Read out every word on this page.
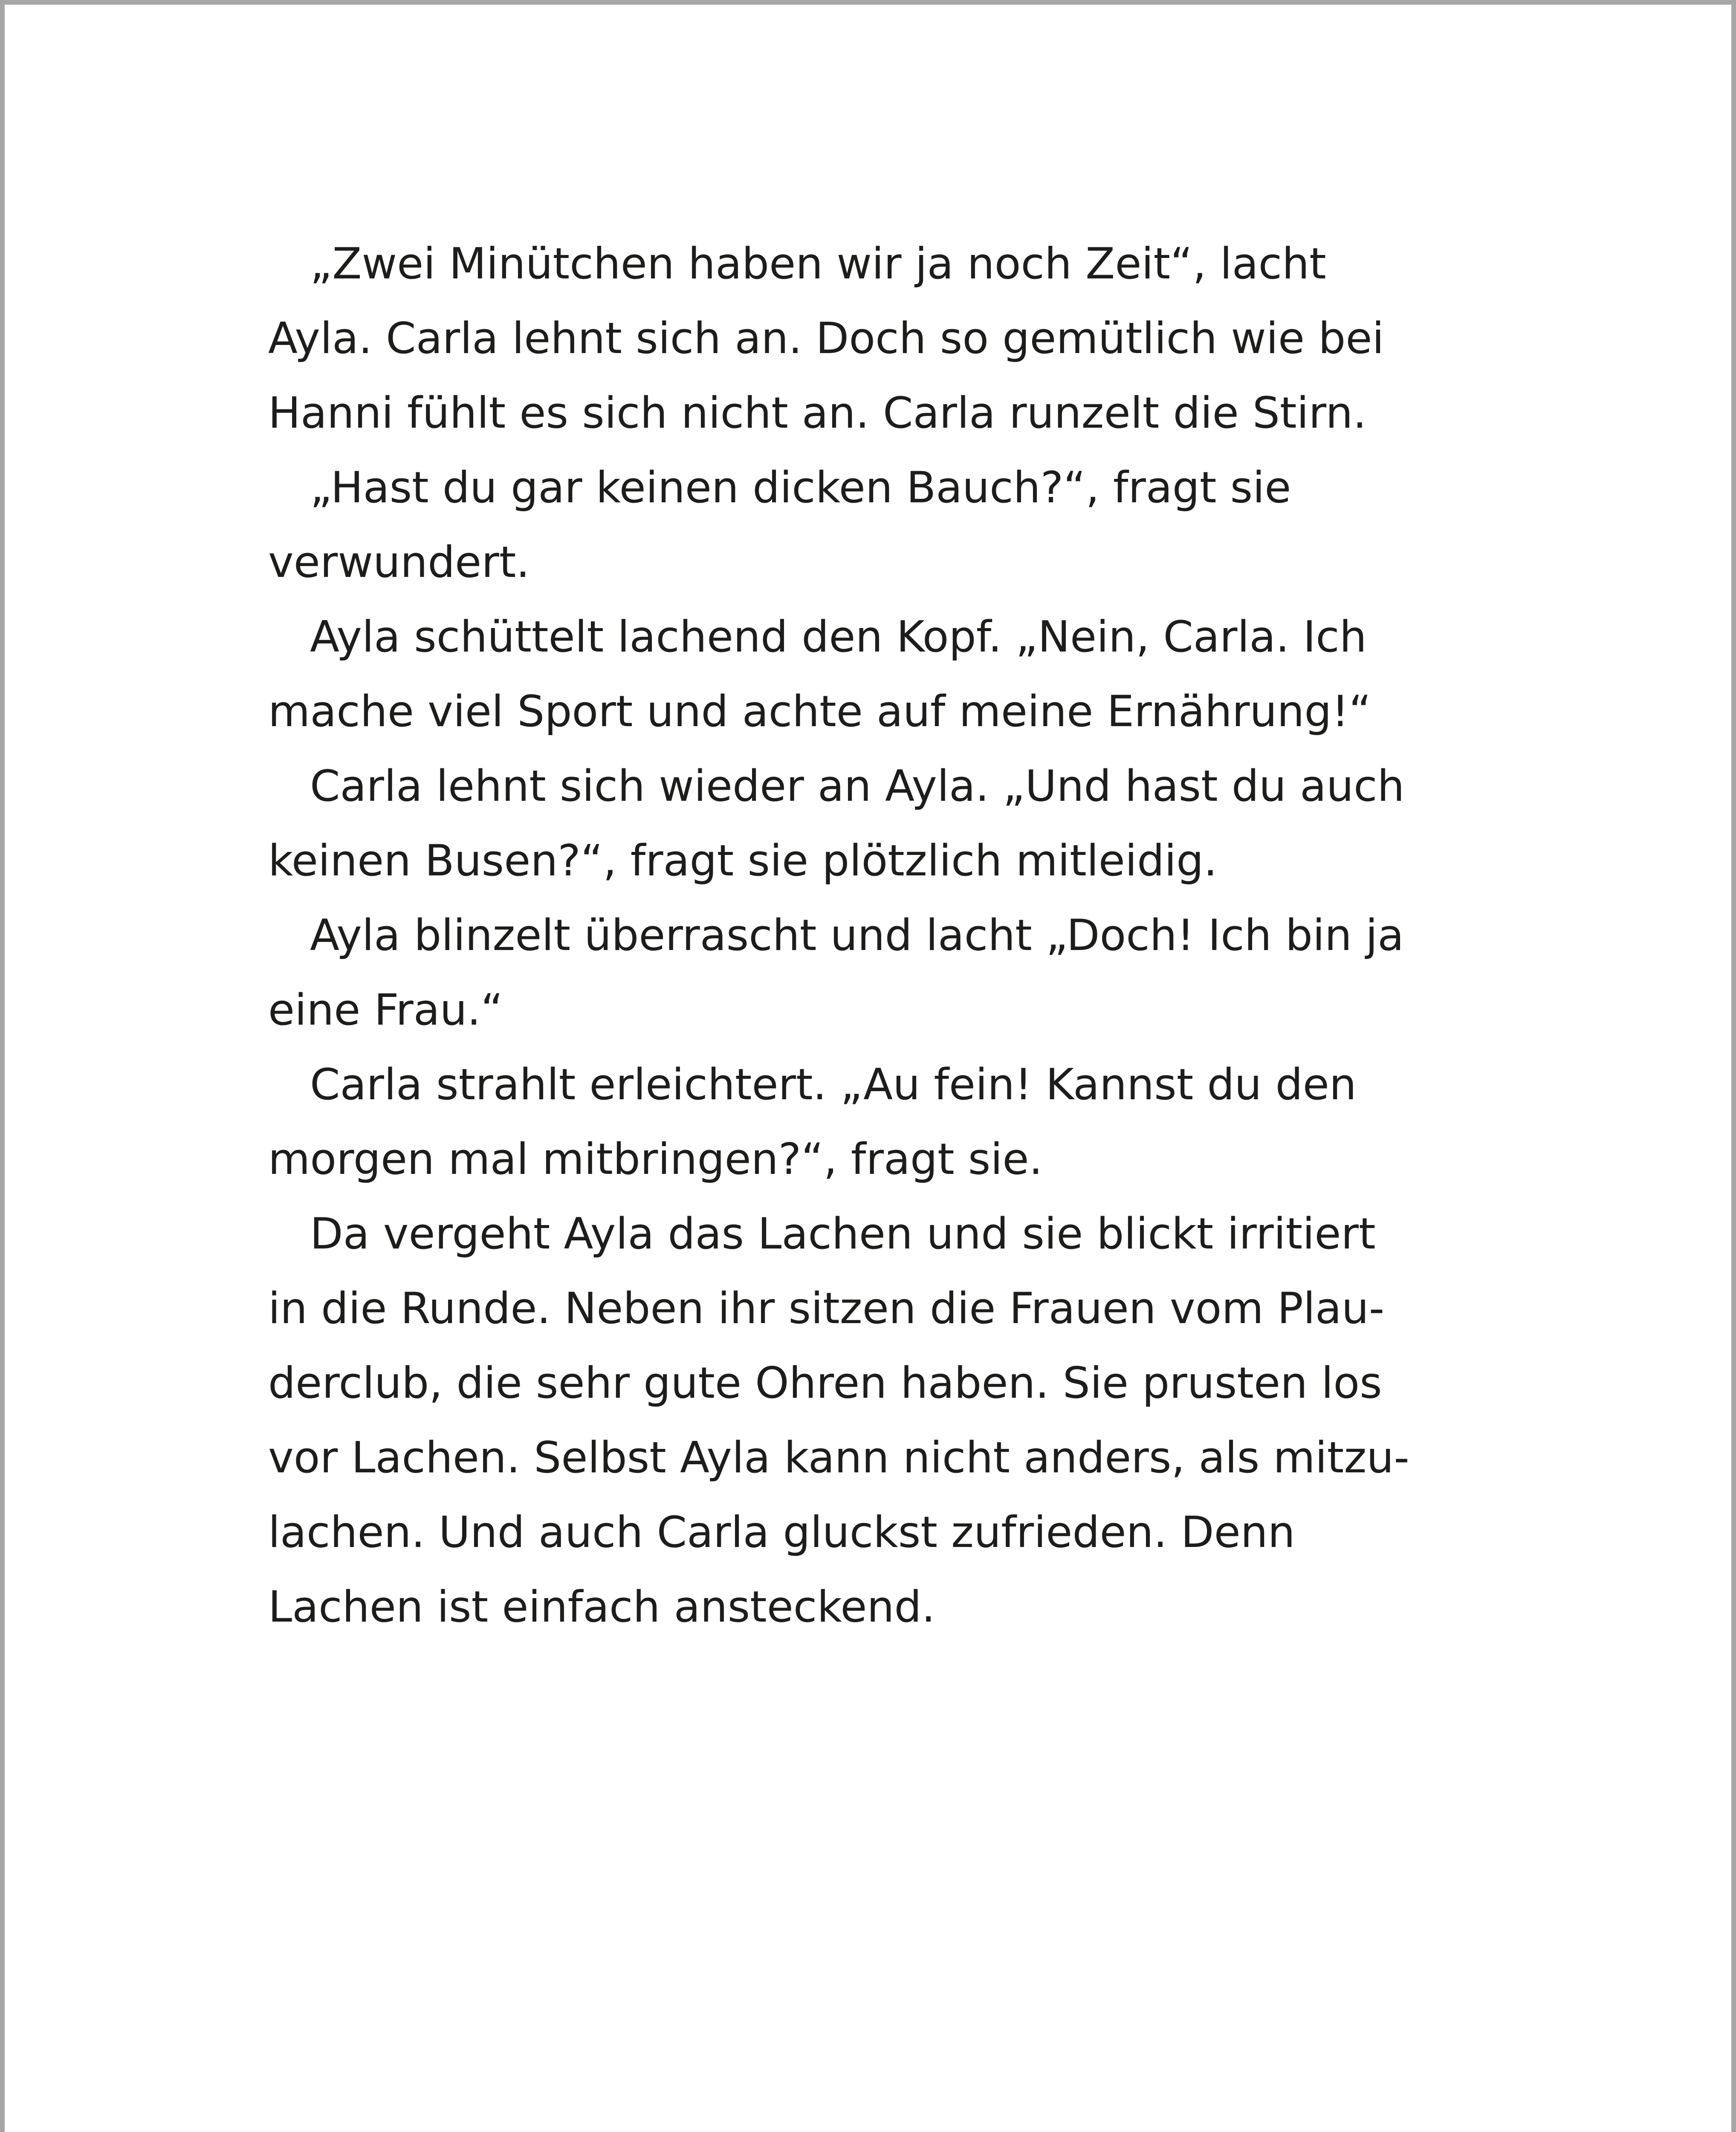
„Zwei Minütchen haben wir ja noch Zeit“, lacht
Ayla. Carla lehnt sich an. Doch so gemütlich wie bei
Hanni fühlt es sich nicht an. Carla runzelt die Stirn.
„Hast du gar keinen dicken Bauch?“, fragt sie
verwundert.
Ayla schüttelt lachend den Kopf. „Nein, Carla. Ich
mache viel Sport und achte auf meine Ernährung!“
Carla lehnt sich wieder an Ayla. „Und hast du auch
keinen Busen?“, fragt sie plötzlich mitleidig.
Ayla blinzelt überrascht und lacht „Doch! Ich bin ja
eine Frau.“
Carla strahlt erleichtert. „Au fein! Kannst du den
morgen mal mitbringen?“, fragt sie.
Da vergeht Ayla das Lachen und sie blickt irritiert
in die Runde. Neben ihr sitzen die Frauen vom Plau-
derclub, die sehr gute Ohren haben. Sie prusten los
vor Lachen. Selbst Ayla kann nicht anders, als mitzu-
lachen. Und auch Carla gluckst zufrieden. Denn
Lachen ist einfach ansteckend.
